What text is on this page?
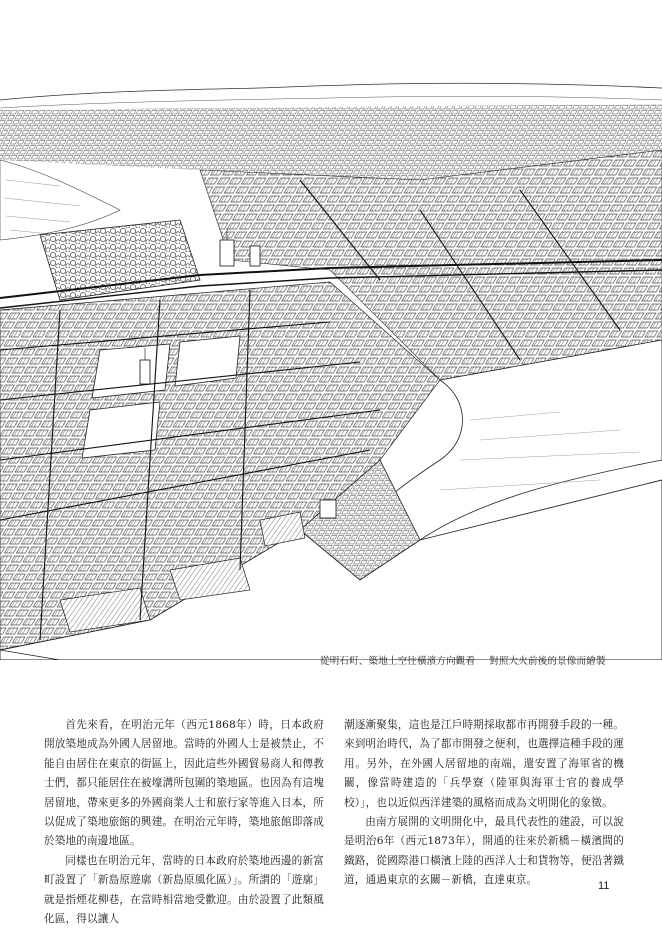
從明石町、築地上空往橫濱方向觀看 對照大火前後的景像而繪製

首先來看，在明治元年（西元1868年）時，日本政府開放築地成為外國人居留地。當時的外國人士是被禁止，不能自由居住在東京的街區上，因此這些外國貿易商人和傳教士們，都只能居住在被壕溝所包圍的築地區。也因為有這塊居留地，帶來更多的外國商業人士和旅行家等進入日本，所以促成了築地旅館的興建。在明治元年時，築地旅館即落成於築地的南邊地區。

同樣也在明治元年，當時的日本政府於築地西邊的新富町設置了「新島原遊廓（新島原風化區）」。所謂的「遊廓」就是指煙花柳巷，在當時相當地受歡迎。由於設置了此類風化區，得以讓人

潮逐漸聚集，這也是江戶時期採取都市再開發手段的一種。來到明治時代，為了都市開發之便利，也選擇這種手段的運用。另外，在外國人居留地的南端，還安置了海軍省的機關，像當時建造的「兵學寮（陸軍與海軍士官的養成學校）」，也以近似西洋建築的風格而成為文明開化的象徵。

由南方展開的文明開化中，最具代表性的建設，可以說是明治6年（西元1873年），開通的往來於新橋－橫濱間的鐵路，從國際港口橫濱上陸的西洋人士和貨物等，便沿著鐵道，通過東京的玄關－新橋，直達東京。	11
